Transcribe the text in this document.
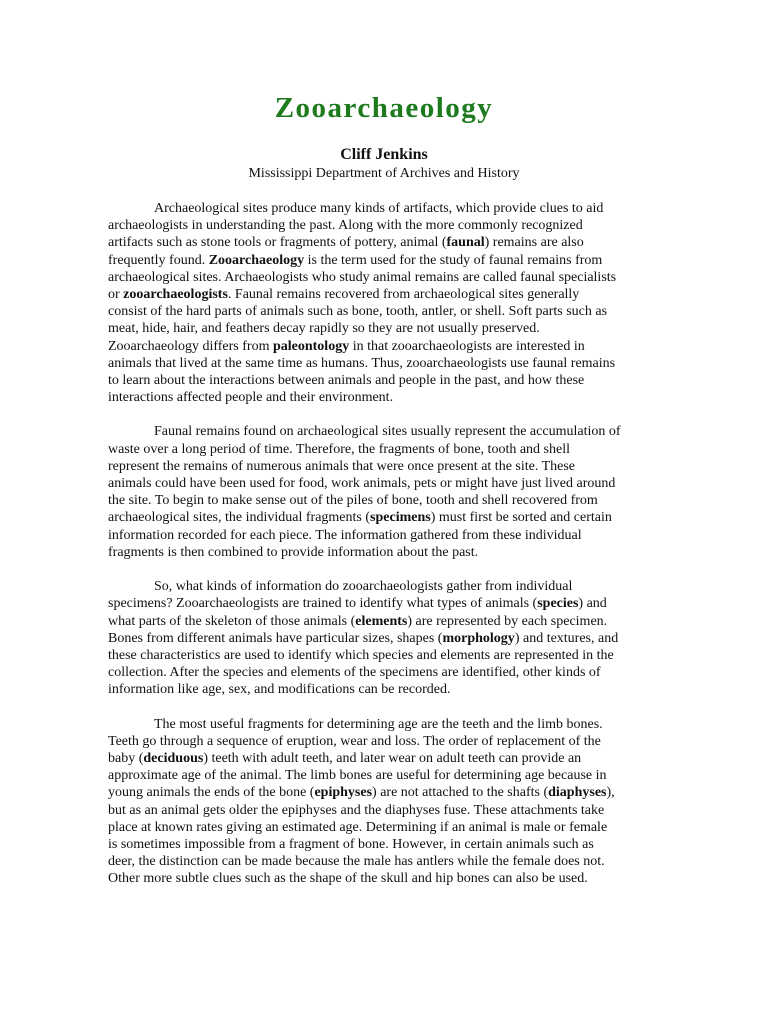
Zooarchaeology
Cliff Jenkins
Mississippi Department of Archives and History
Archaeological sites produce many kinds of artifacts, which provide clues to aid
archaeologists in understanding the past. Along with the more commonly recognized
artifacts such as stone tools or fragments of pottery, animal (faunal) remains are also
frequently found. Zooarchaeology is the term used for the study of faunal remains from
archaeological sites. Archaeologists who study animal remains are called faunal specialists
or zooarchaeologists. Faunal remains recovered from archaeological sites generally
consist of the hard parts of animals such as bone, tooth, antler, or shell. Soft parts such as
meat, hide, hair, and feathers decay rapidly so they are not usually preserved.
Zooarchaeology differs from paleontology in that zooarchaeologists are interested in
animals that lived at the same time as humans. Thus, zooarchaeologists use faunal remains
to learn about the interactions between animals and people in the past, and how these
interactions affected people and their environment.
Faunal remains found on archaeological sites usually represent the accumulation of
waste over a long period of time. Therefore, the fragments of bone, tooth and shell
represent the remains of numerous animals that were once present at the site. These
animals could have been used for food, work animals, pets or might have just lived around
the site. To begin to make sense out of the piles of bone, tooth and shell recovered from
archaeological sites, the individual fragments (specimens) must first be sorted and certain
information recorded for each piece. The information gathered from these individual
fragments is then combined to provide information about the past.
So, what kinds of information do zooarchaeologists gather from individual
specimens? Zooarchaeologists are trained to identify what types of animals (species) and
what parts of the skeleton of those animals (elements) are represented by each specimen.
Bones from different animals have particular sizes, shapes (morphology) and textures, and
these characteristics are used to identify which species and elements are represented in the
collection. After the species and elements of the specimens are identified, other kinds of
information like age, sex, and modifications can be recorded.
The most useful fragments for determining age are the teeth and the limb bones.
Teeth go through a sequence of eruption, wear and loss. The order of replacement of the
baby (deciduous) teeth with adult teeth, and later wear on adult teeth can provide an
approximate age of the animal. The limb bones are useful for determining age because in
young animals the ends of the bone (epiphyses) are not attached to the shafts (diaphyses),
but as an animal gets older the epiphyses and the diaphyses fuse. These attachments take
place at known rates giving an estimated age. Determining if an animal is male or female
is sometimes impossible from a fragment of bone. However, in certain animals such as
deer, the distinction can be made because the male has antlers while the female does not.
Other more subtle clues such as the shape of the skull and hip bones can also be used.
